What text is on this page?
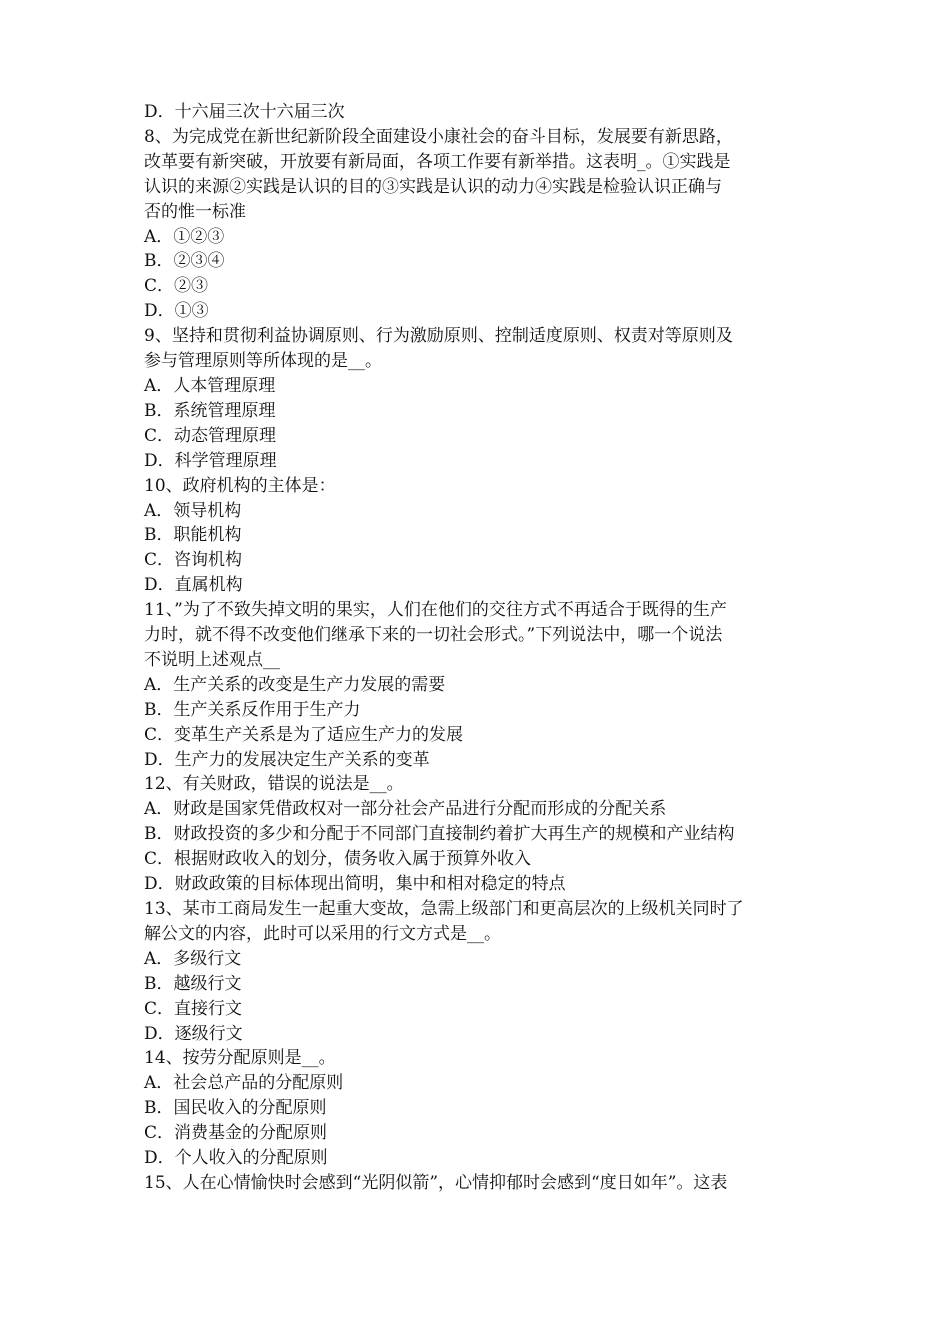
D．十六届三次十六届三次
8、为完成党在新世纪新阶段全面建设小康社会的奋斗目标，发展要有新思路，
改革要有新突破，开放要有新局面，各项工作要有新举措。这表明_。①实践是
认识的来源②实践是认识的目的③实践是认识的动力④实践是检验认识正确与
否的惟一标准
A．①②③
B．②③④
C．②③
D．①③
9、坚持和贯彻利益协调原则、行为激励原则、控制适度原则、权责对等原则及
参与管理原则等所体现的是__。
A．人本管理原理
B．系统管理原理
C．动态管理原理
D．科学管理原理
10、政府机构的主体是：
A．领导机构
B．职能机构
C．咨询机构
D．直属机构
11、”为了不致失掉文明的果实，人们在他们的交往方式不再适合于既得的生产
力时，就不得不改变他们继承下来的一切社会形式。”下列说法中，哪一个说法
不说明上述观点__
A．生产关系的改变是生产力发展的需要
B．生产关系反作用于生产力
C．变革生产关系是为了适应生产力的发展
D．生产力的发展决定生产关系的变革
12、有关财政，错误的说法是__。
A．财政是国家凭借政权对一部分社会产品进行分配而形成的分配关系
B．财政投资的多少和分配于不同部门直接制约着扩大再生产的规模和产业结构
C．根据财政收入的划分，债务收入属于预算外收入
D．财政政策的目标体现出简明，集中和相对稳定的特点
13、某市工商局发生一起重大变故，急需上级部门和更高层次的上级机关同时了
解公文的内容，此时可以采用的行文方式是__。
A．多级行文
B．越级行文
C．直接行文
D．逐级行文
14、按劳分配原则是__。
A．社会总产品的分配原则
B．国民收入的分配原则
C．消费基金的分配原则
D．个人收入的分配原则
15、人在心情愉快时会感到“光阴似箭”，心情抑郁时会感到“度日如年”。这表
